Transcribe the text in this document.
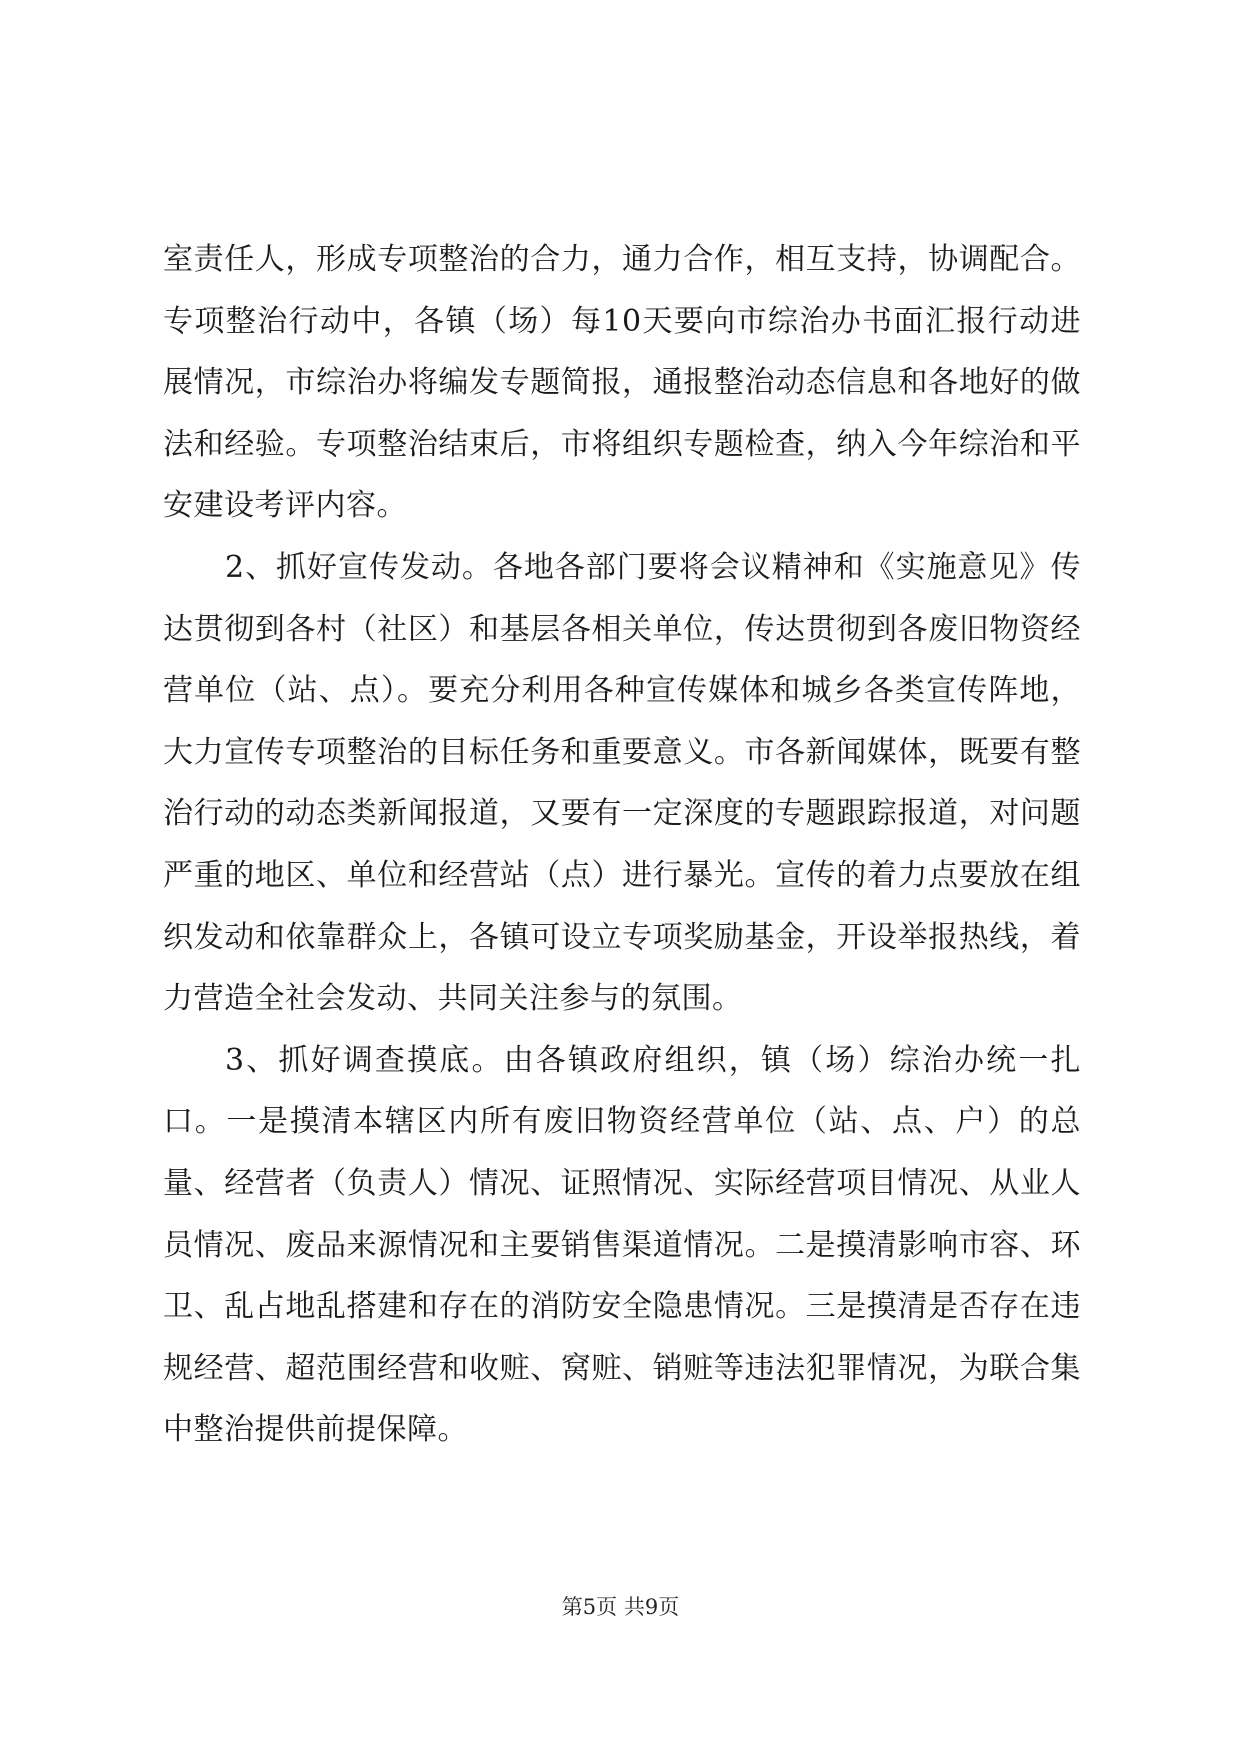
室责任人，形成专项整治的合力，通力合作，相互支持，协调配合。专项整治行动中，各镇（场）每10天要向市综治办书面汇报行动进展情况，市综治办将编发专题简报，通报整治动态信息和各地好的做法和经验。专项整治结束后，市将组织专题检查，纳入今年综治和平安建设考评内容。

2、抓好宣传发动。各地各部门要将会议精神和《实施意见》传达贯彻到各村（社区）和基层各相关单位，传达贯彻到各废旧物资经营单位（站、点）。要充分利用各种宣传媒体和城乡各类宣传阵地，大力宣传专项整治的目标任务和重要意义。市各新闻媒体，既要有整治行动的动态类新闻报道，又要有一定深度的专题跟踪报道，对问题严重的地区、单位和经营站（点）进行暴光。宣传的着力点要放在组织发动和依靠群众上，各镇可设立专项奖励基金，开设举报热线，着力营造全社会发动、共同关注参与的氛围。

3、抓好调查摸底。由各镇政府组织，镇（场）综治办统一扎口。一是摸清本辖区内所有废旧物资经营单位（站、点、户）的总量、经营者（负责人）情况、证照情况、实际经营项目情况、从业人员情况、废品来源情况和主要销售渠道情况。二是摸清影响市容、环卫、乱占地乱搭建和存在的消防安全隐患情况。三是摸清是否存在违规经营、超范围经营和收赃、窝赃、销赃等违法犯罪情况，为联合集中整治提供前提保障。

第5页 共9页
